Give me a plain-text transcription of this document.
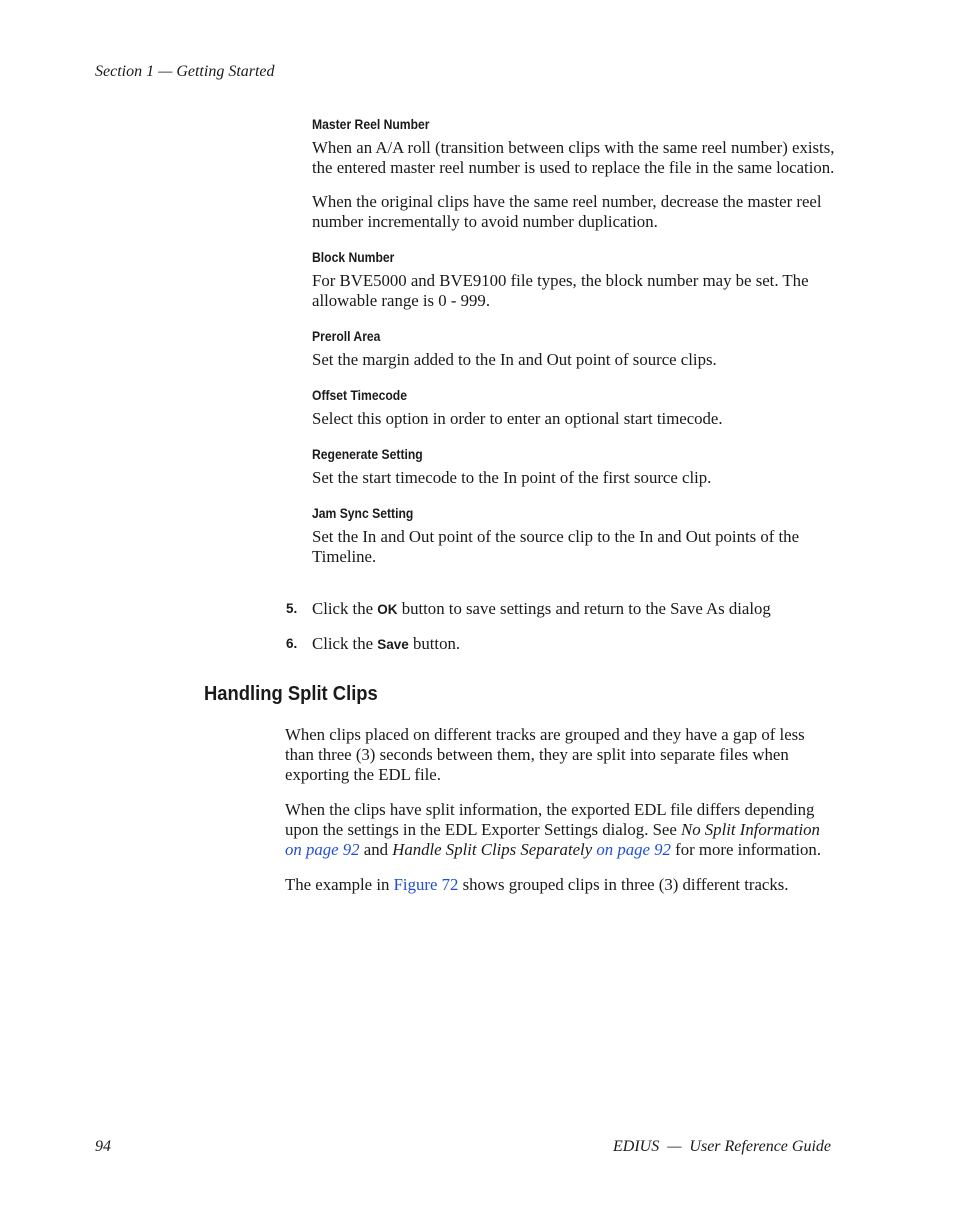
Section 1 — Getting Started
Master Reel Number

When an A/A roll (transition between clips with the same reel number) exists, the entered master reel number is used to replace the file in the same location.

When the original clips have the same reel number, decrease the master reel number incrementally to avoid number duplication.

Block Number

For BVE5000 and BVE9100 file types, the block number may be set. The allowable range is 0 - 999.

Preroll Area

Set the margin added to the In and Out point of source clips.

Offset Timecode

Select this option in order to enter an optional start timecode.

Regenerate Setting

Set the start timecode to the In point of the first source clip.

Jam Sync Setting

Set the In and Out point of the source clip to the In and Out points of the Timeline.

5. Click the OK button to save settings and return to the Save As dialog
6. Click the Save button.
Handling Split Clips

When clips placed on different tracks are grouped and they have a gap of less than three (3) seconds between them, they are split into separate files when exporting the EDL file.

When the clips have split information, the exported EDL file differs depending upon the settings in the EDL Exporter Settings dialog. See No Split Information on page 92 and Handle Split Clips Separately on page 92 for more information.

The example in Figure 72 shows grouped clips in three (3) different tracks.

94	EDIUS  —  User Reference Guide
